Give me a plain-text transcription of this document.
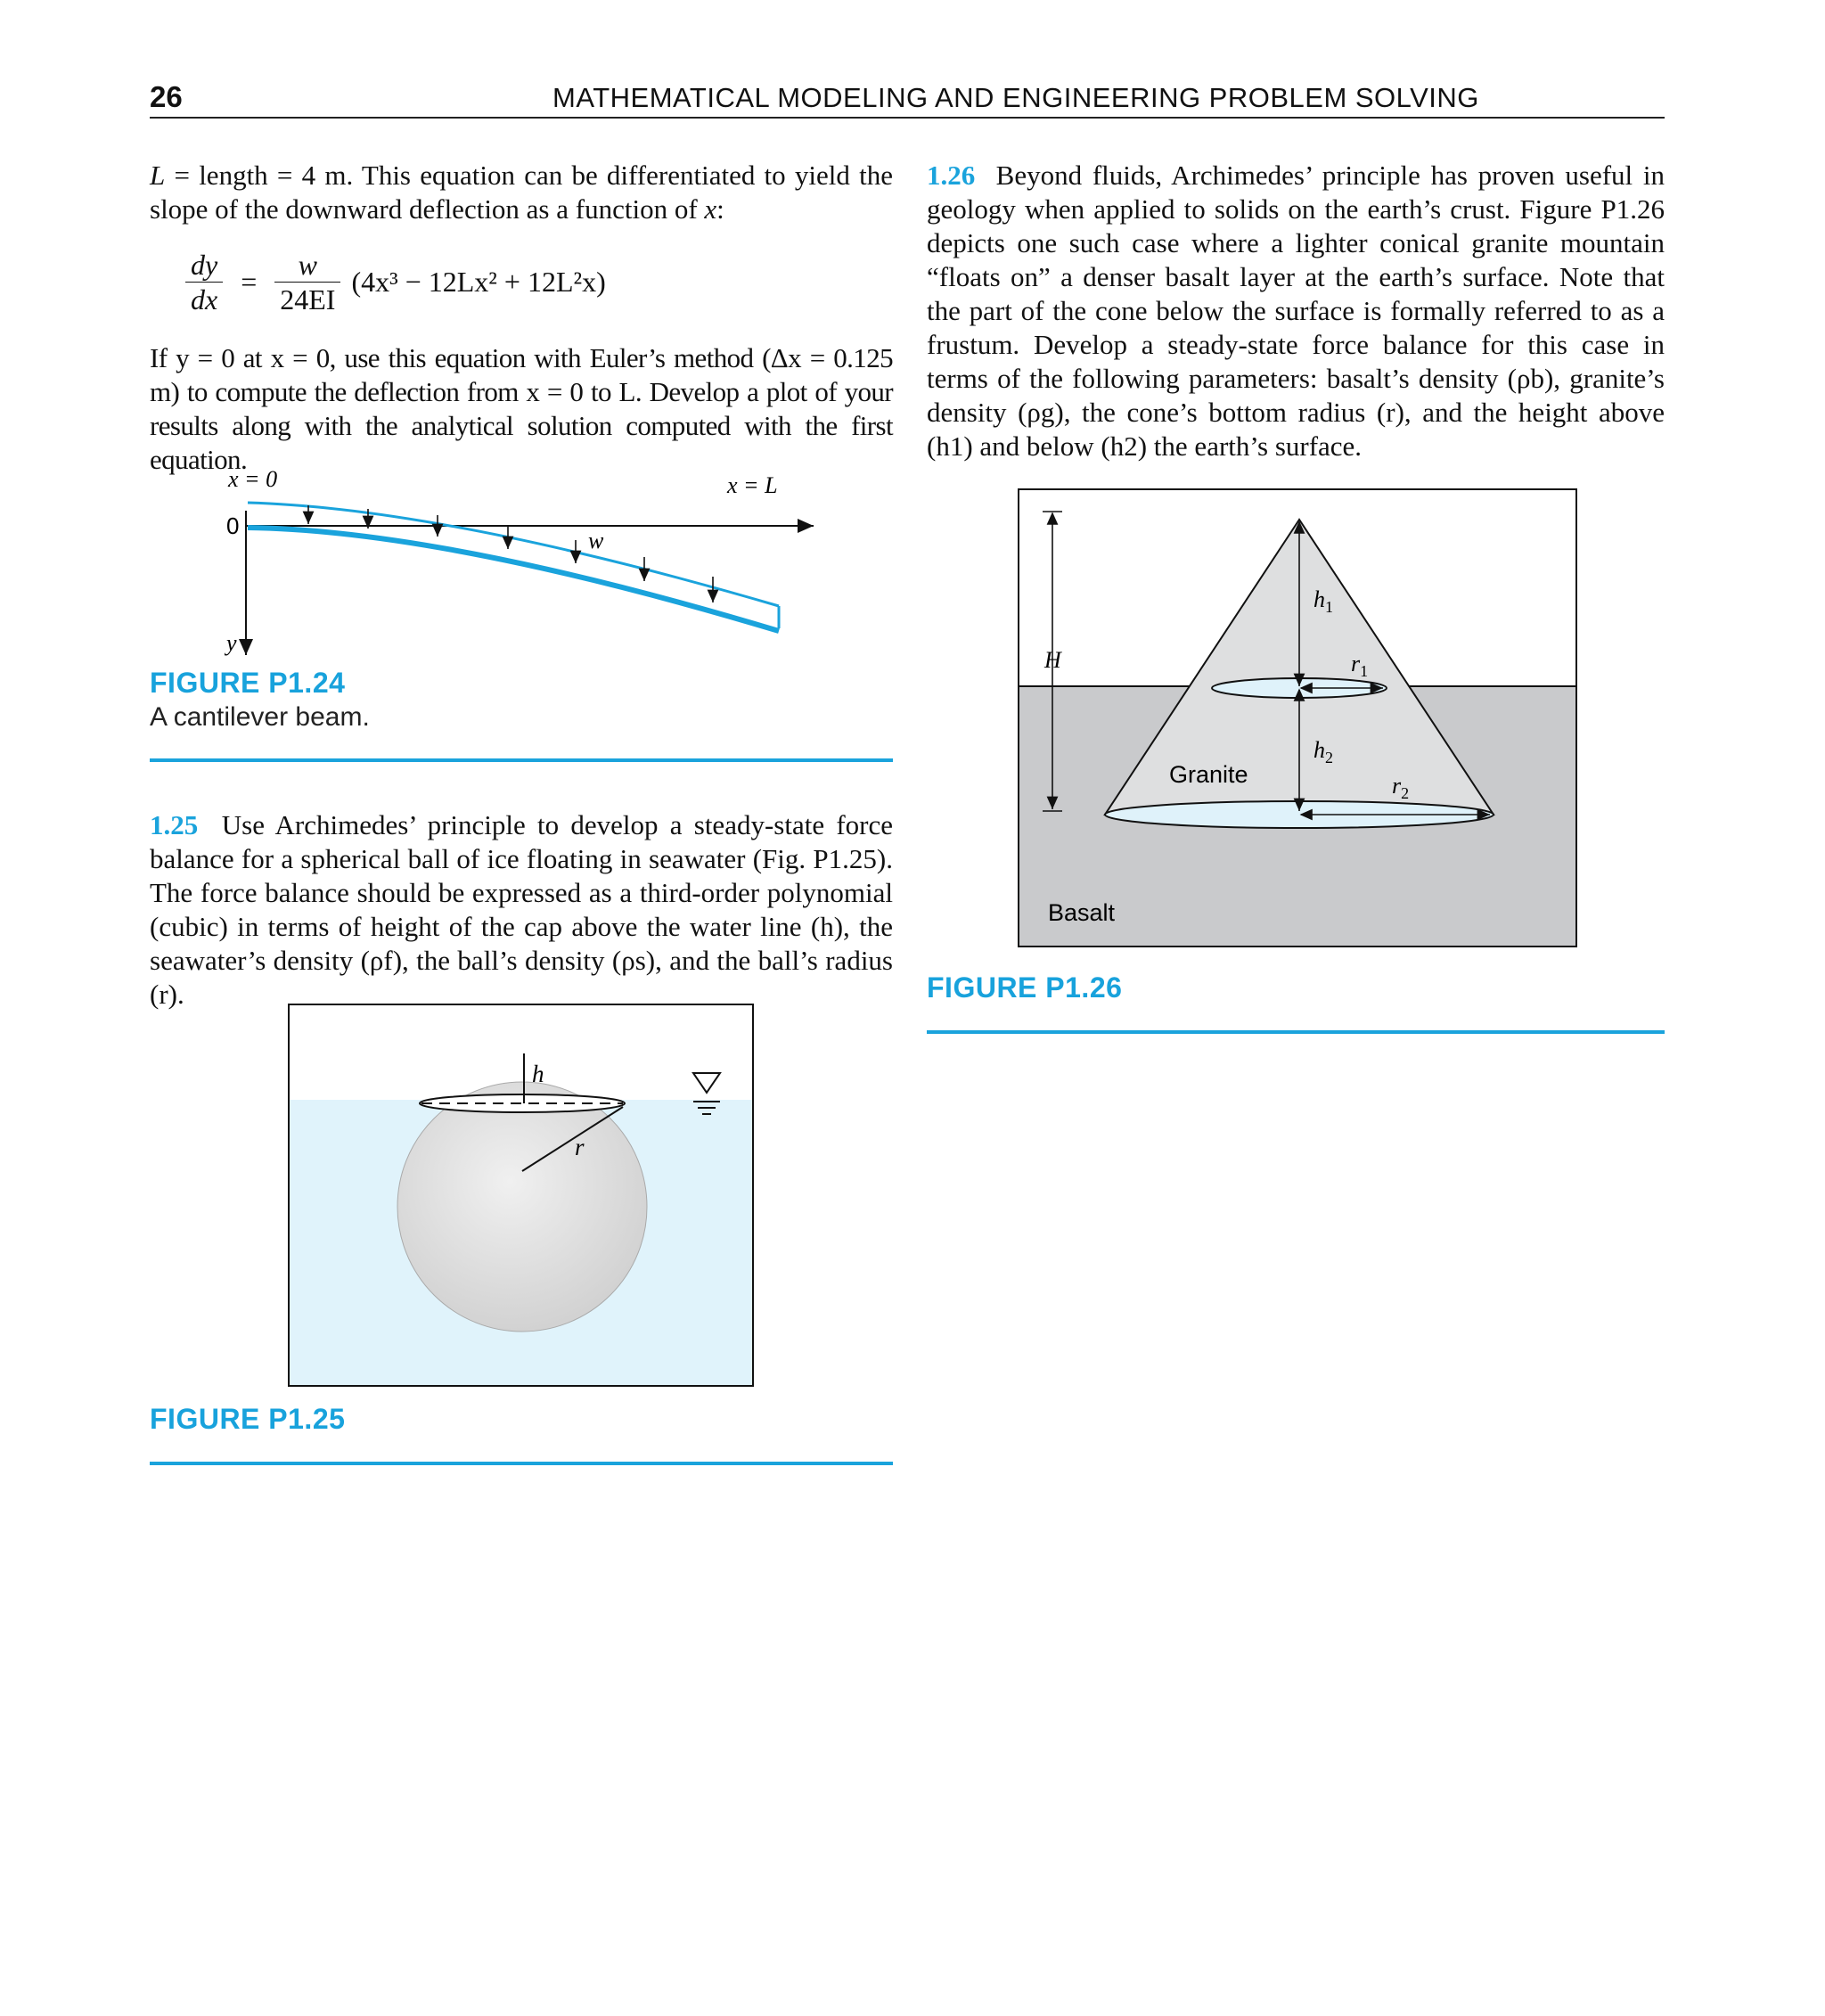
26	MATHEMATICAL MODELING AND ENGINEERING PROBLEM SOLVING
L = length = 4 m. This equation can be differentiated to yield the
slope of the downward deflection as a function of x:
$\frac{dy}{dx} = \frac{w}{24EI} (4x^3 - 12Lx^2 + 12L^2x)$
If y = 0 at x = 0, use this equation with Euler’s method (Δx = 0.125 m) to compute the deflection from x = 0 to L. Develop a plot of your results along with the analytical solution computed with the first equation.
x = 0	x = L
0
w
y
FIGURE P1.24
A cantilever beam.
1.25 Use Archimedes’ principle to develop a steady-state force balance for a spherical ball of ice floating in seawater (Fig. P1.25). The force balance should be expressed as a third-order polynomial (cubic) in terms of height of the cap above the water line (h), the seawater’s density (ρf), the ball’s density (ρs), and the ball’s radius (r).
h
r
FIGURE P1.25
1.26 Beyond fluids, Archimedes’ principle has proven useful in geology when applied to solids on the earth’s crust. Figure P1.26 depicts one such case where a lighter conical granite mountain “floats on” a denser basalt layer at the earth’s surface. Note that the part of the cone below the surface is formally referred to as a frustum. Develop a steady-state force balance for this case in terms of the following parameters: basalt’s density (ρb), granite’s density (ρg), the cone’s bottom radius (r), and the height above (h1) and below (h2) the earth’s surface.
H
$h_1$
$r_1$
$h_2$
$r_2$
Granite
Basalt
FIGURE P1.26
